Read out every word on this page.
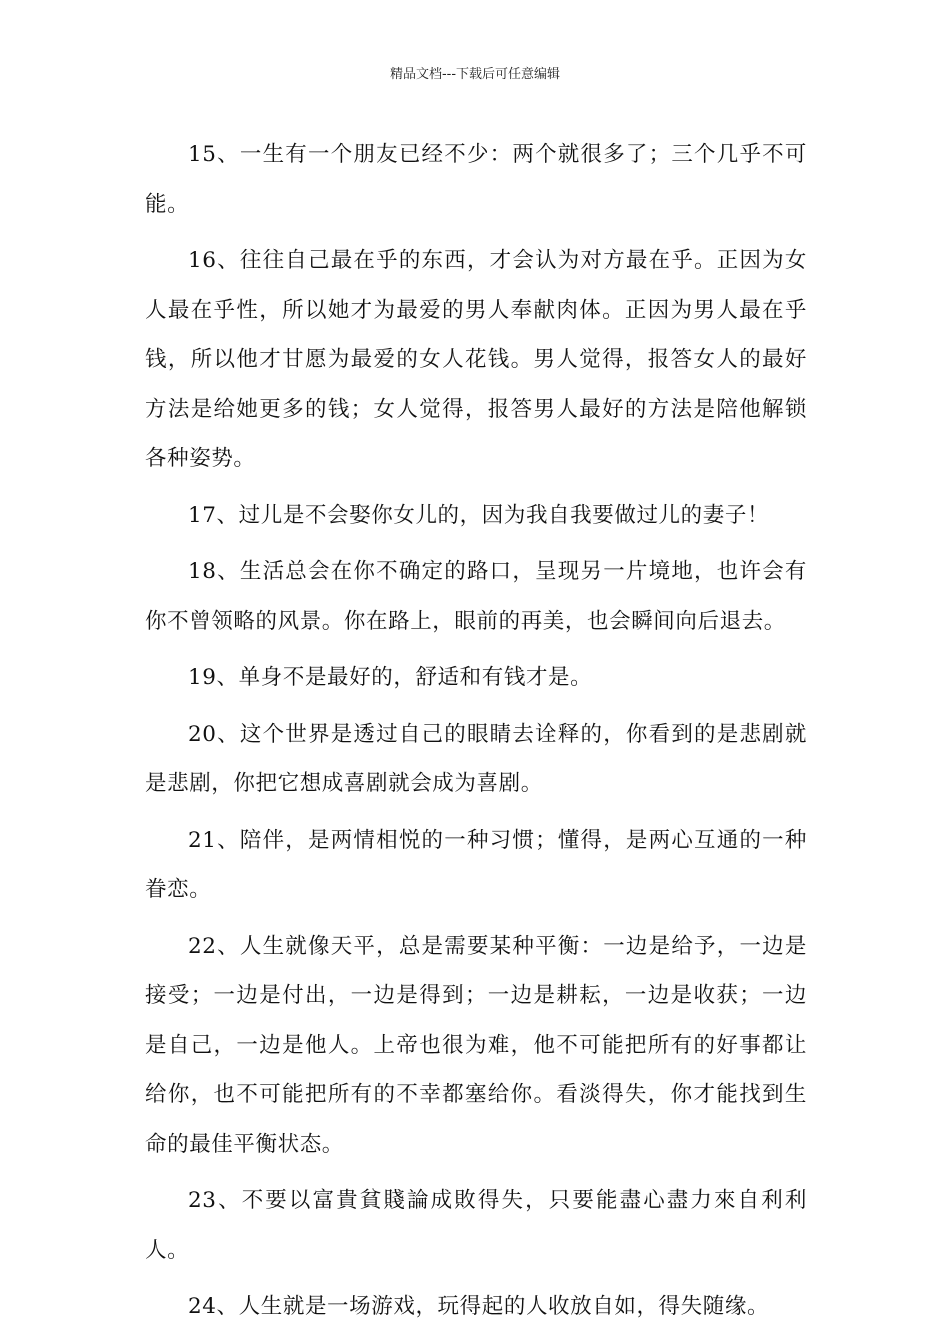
精品文档---下载后可任意编辑

15、一生有一个朋友已经不少：两个就很多了；三个几乎不可能。

16、往往自己最在乎的东西，才会认为对方最在乎。正因为女人最在乎性，所以她才为最爱的男人奉献肉体。正因为男人最在乎钱，所以他才甘愿为最爱的女人花钱。男人觉得，报答女人的最好方法是给她更多的钱；女人觉得，报答男人最好的方法是陪他解锁各种姿势。

17、过儿是不会娶你女儿的，因为我自我要做过儿的妻子！

18、生活总会在你不确定的路口，呈现另一片境地，也许会有你不曾领略的风景。你在路上，眼前的再美，也会瞬间向后退去。

19、单身不是最好的，舒适和有钱才是。

20、这个世界是透过自己的眼睛去诠释的，你看到的是悲剧就是悲剧，你把它想成喜剧就会成为喜剧。

21、陪伴，是两情相悦的一种习惯；懂得，是两心互通的一种眷恋。

22、人生就像天平，总是需要某种平衡：一边是给予，一边是接受；一边是付出，一边是得到；一边是耕耘，一边是收获；一边是自己，一边是他人。上帝也很为难，他不可能把所有的好事都让给你，也不可能把所有的不幸都塞给你。看淡得失，你才能找到生命的最佳平衡状态。

23、不要以富貴貧賤論成敗得失，只要能盡心盡力來自利利人。

24、人生就是一场游戏，玩得起的人收放自如，得失随缘。
